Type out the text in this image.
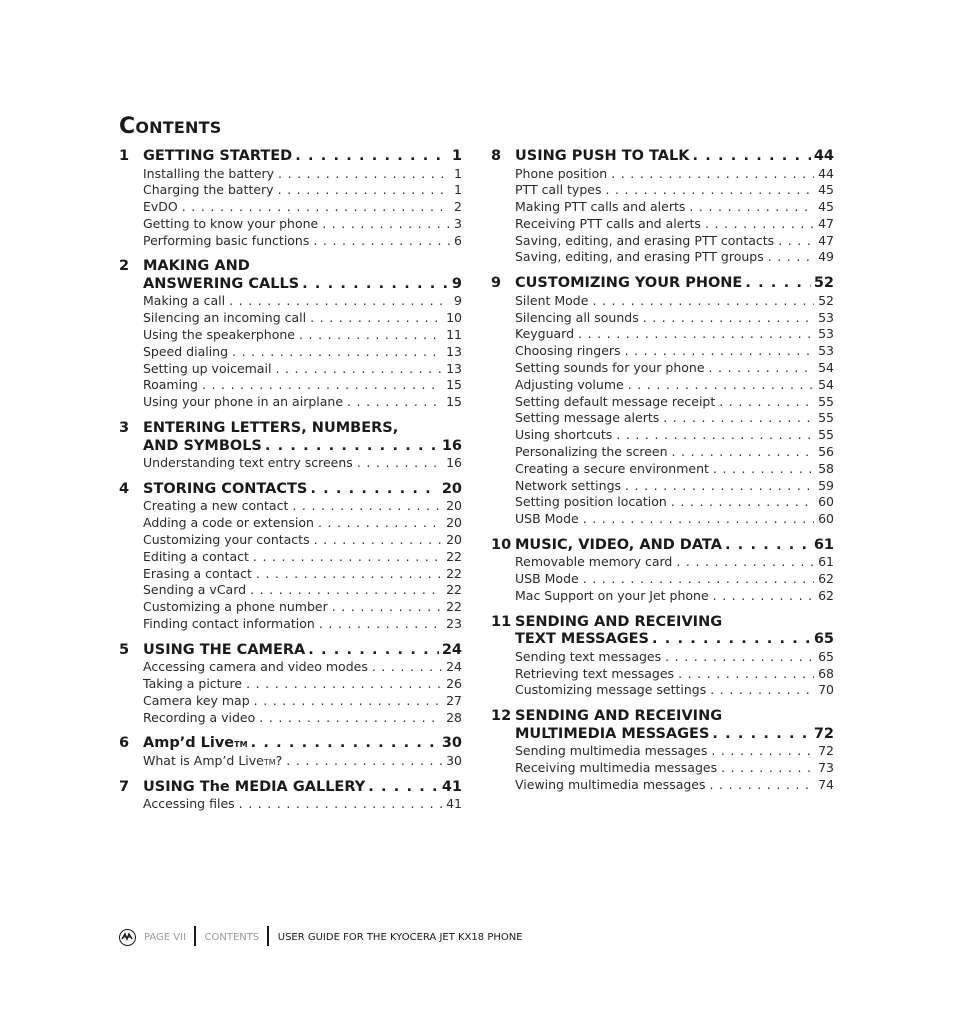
CONTENTS
1 GETTING STARTED . . .	1
Installing the battery . . .	1
Charging the battery . . .	1
EvDO . . .	2
Getting to know your phone . . .	3
Performing basic functions . . .	6
2 MAKING AND
ANSWERING CALLS . . .	9
Making a call . . .	9
Silencing an incoming call . . .	10
Using the speakerphone . . .	11
Speed dialing . . .	13
Setting up voicemail . . .	13
Roaming . . .	15
Using your phone in an airplane . . .	15
3 ENTERING LETTERS, NUMBERS,
AND SYMBOLS . . .	16
Understanding text entry screens . . .	16
4 STORING CONTACTS . . .	20
Creating a new contact . . .	20
Adding a code or extension . . .	20
Customizing your contacts . . .	20
Editing a contact . . .	22
Erasing a contact . . .	22
Sending a vCard . . .	22
Customizing a phone number . . .	22
Finding contact information . . .	23
5 USING THE CAMERA . . .	24
Accessing camera and video modes . . .	24
Taking a picture . . .	26
Camera key map . . .	27
Recording a video . . .	28
6 Amp’d Live TM . . .	30
What is Amp’d Live TM ? . . .	30
7 USING The MEDIA GALLERY . . .	41
Accessing files . . .	41
8 USING PUSH TO TALK . . .	44
Phone position . . .	44
PTT call types . . .	45
Making PTT calls and alerts . . .	45
Receiving PTT calls and alerts . . .	47
Saving, editing, and erasing PTT contacts . . .	47
Saving, editing, and erasing PTT groups . . .	49
9 CUSTOMIZING YOUR PHONE . . .	52
Silent Mode . . .	52
Silencing all sounds . . .	53
Keyguard . . .	53
Choosing ringers . . .	53
Setting sounds for your phone . . .	54
Adjusting volume . . .	54
Setting default message receipt . . .	55
Setting message alerts . . .	55
Using shortcuts . . .	55
Personalizing the screen . . .	56
Creating a secure environment . . .	58
Network settings . . .	59
Setting position location . . .	60
USB Mode . . .	60
10 MUSIC, VIDEO, AND DATA . . .	61
Removable memory card . . .	61
USB Mode . . .	62
Mac Support on your Jet phone . . .	62
11 SENDING AND RECEIVING
TEXT MESSAGES . . .	65
Sending text messages . . .	65
Retrieving text messages . . .	68
Customizing message settings . . .	70
12 SENDING AND RECEIVING
MULTIMEDIA MESSAGES . . .	72
Sending multimedia messages . . .	72
Receiving multimedia messages . . .	73
Viewing multimedia messages . . .	74
PAGE VII CONTENTS USER GUIDE FOR THE KYOCERA JET KX18 PHONE
